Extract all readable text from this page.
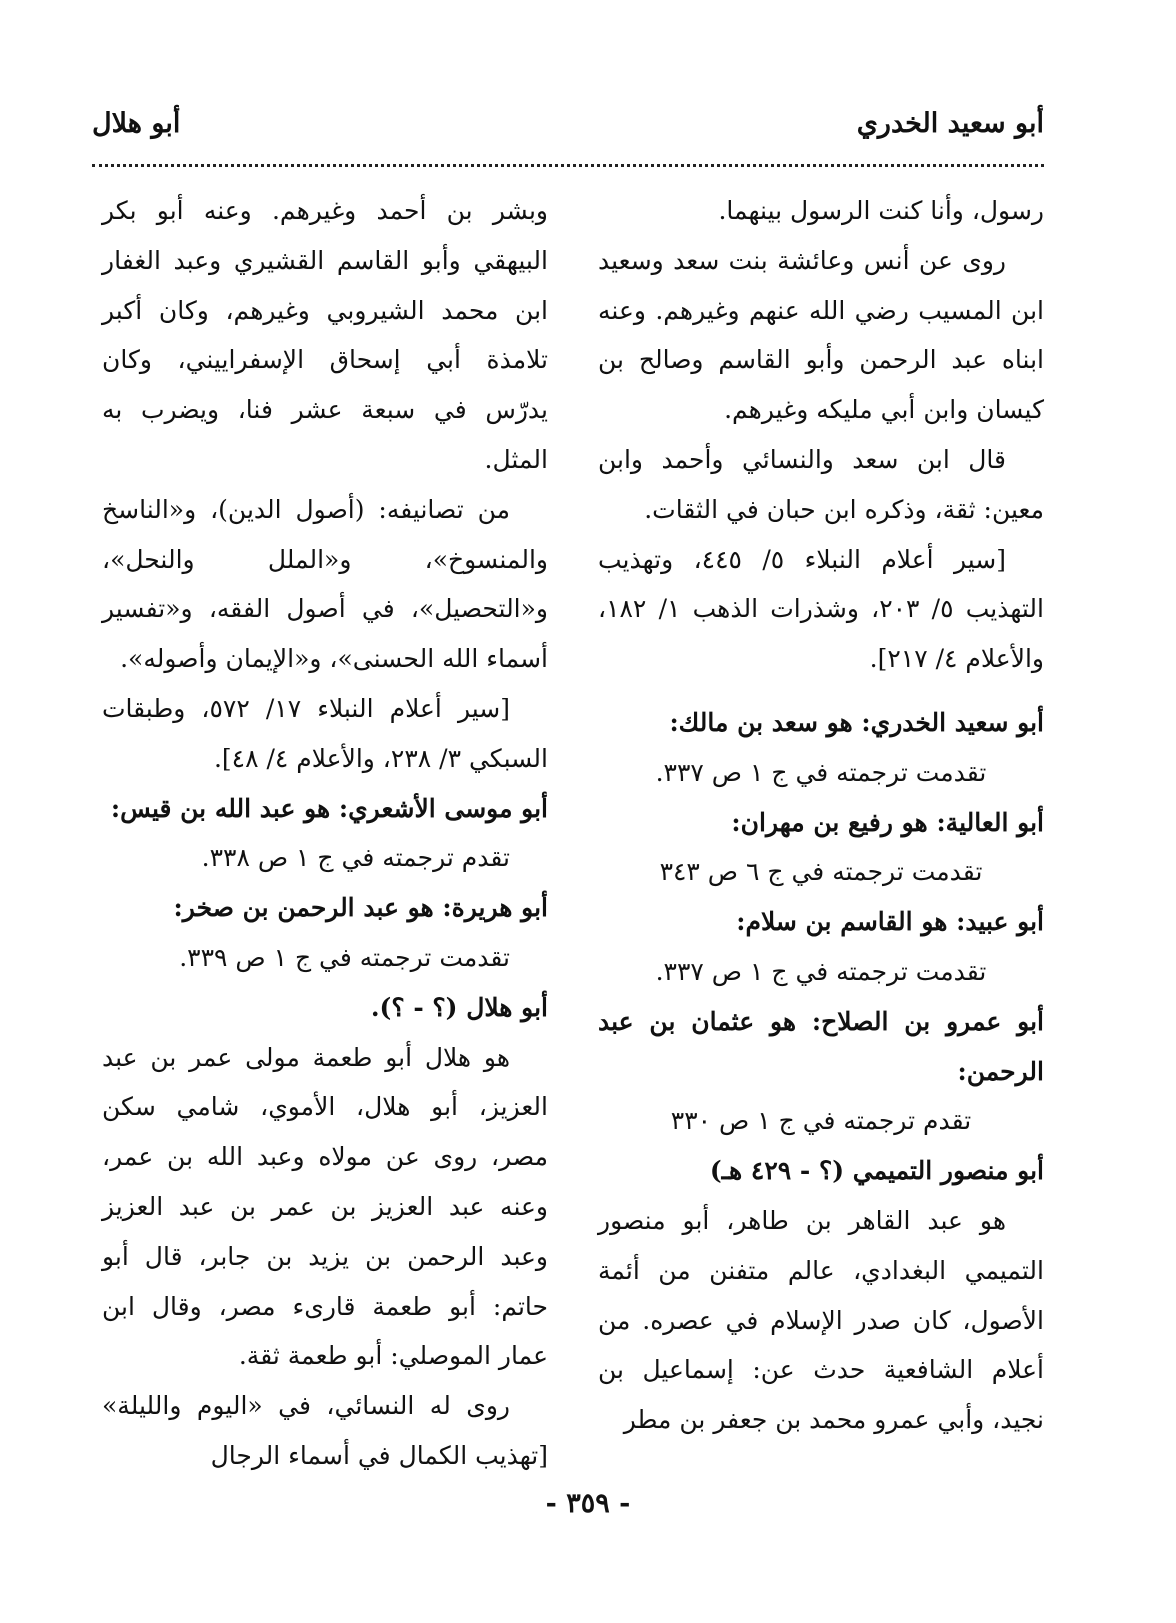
أبو سعيد الخدري
أبو هلال

رسول، وأنا كنت الرسول بينهما.

روى عن أنس وعائشة بنت سعد وسعيد ابن المسيب رضي الله عنهم وغيرهم. وعنه ابناه عبد الرحمن وأبو القاسم وصالح بن كيسان وابن أبي مليكه وغيرهم.

قال ابن سعد والنسائي وأحمد وابن معين: ثقة، وذكره ابن حبان في الثقات.

[سير أعلام النبلاء ٥/ ٤٤٥، وتهذيب التهذيب ٥/ ٢٠٣، وشذرات الذهب ١/ ١٨٢، والأعلام ٤/ ٢١٧].

أبو سعيد الخدري: هو سعد بن مالك:

تقدمت ترجمته في ج ١ ص ٣٣٧.

أبو العالية: هو رفيع بن مهران:

تقدمت ترجمته في ج ٦ ص ٣٤٣

أبو عبيد: هو القاسم بن سلام:

تقدمت ترجمته في ج ١ ص ٣٣٧.

أبو عمرو بن الصلاح: هو عثمان بن عبد الرحمن:

تقدم ترجمته في ج ١ ص ٣٣٠

أبو منصور التميمي (؟ - ٤٢٩ هـ)

هو عبد القاهر بن طاهر، أبو منصور التميمي البغدادي، عالم متفنن من أئمة الأصول، كان صدر الإسلام في عصره. من أعلام الشافعية حدث عن: إسماعيل بن نجيد، وأبي عمرو محمد بن جعفر بن مطر

وبشر بن أحمد وغيرهم. وعنه أبو بكر البيهقي وأبو القاسم القشيري وعبد الغفار ابن محمد الشيروبي وغيرهم، وكان أكبر تلامذة أبي إسحاق الإسفراييني، وكان يدرّس في سبعة عشر فنا، ويضرب به المثل.

من تصانيفه: (أصول الدين)، و«الناسخ والمنسوخ»، و«الملل والنحل»، و«التحصيل»، في أصول الفقه، و«تفسير أسماء الله الحسنى»، و«الإيمان وأصوله».

[سير أعلام النبلاء ١٧/ ٥٧٢، وطبقات السبكي ٣/ ٢٣٨، والأعلام ٤/ ٤٨].

أبو موسى الأشعري: هو عبد الله بن قيس:

تقدم ترجمته في ج ١ ص ٣٣٨.

أبو هريرة: هو عبد الرحمن بن صخر:

تقدمت ترجمته في ج ١ ص ٣٣٩.

أبو هلال (؟ - ؟).

هو هلال أبو طعمة مولى عمر بن عبد العزيز، أبو هلال، الأموي، شامي سكن مصر، روى عن مولاه وعبد الله بن عمر، وعنه عبد العزيز بن عمر بن عبد العزيز وعبد الرحمن بن يزيد بن جابر، قال أبو حاتم: أبو طعمة قارىء مصر، وقال ابن عمار الموصلي: أبو طعمة ثقة.

روى له النسائي، في «اليوم والليلة» [تهذيب الكمال في أسماء الرجال

- ٣٥٩ -
